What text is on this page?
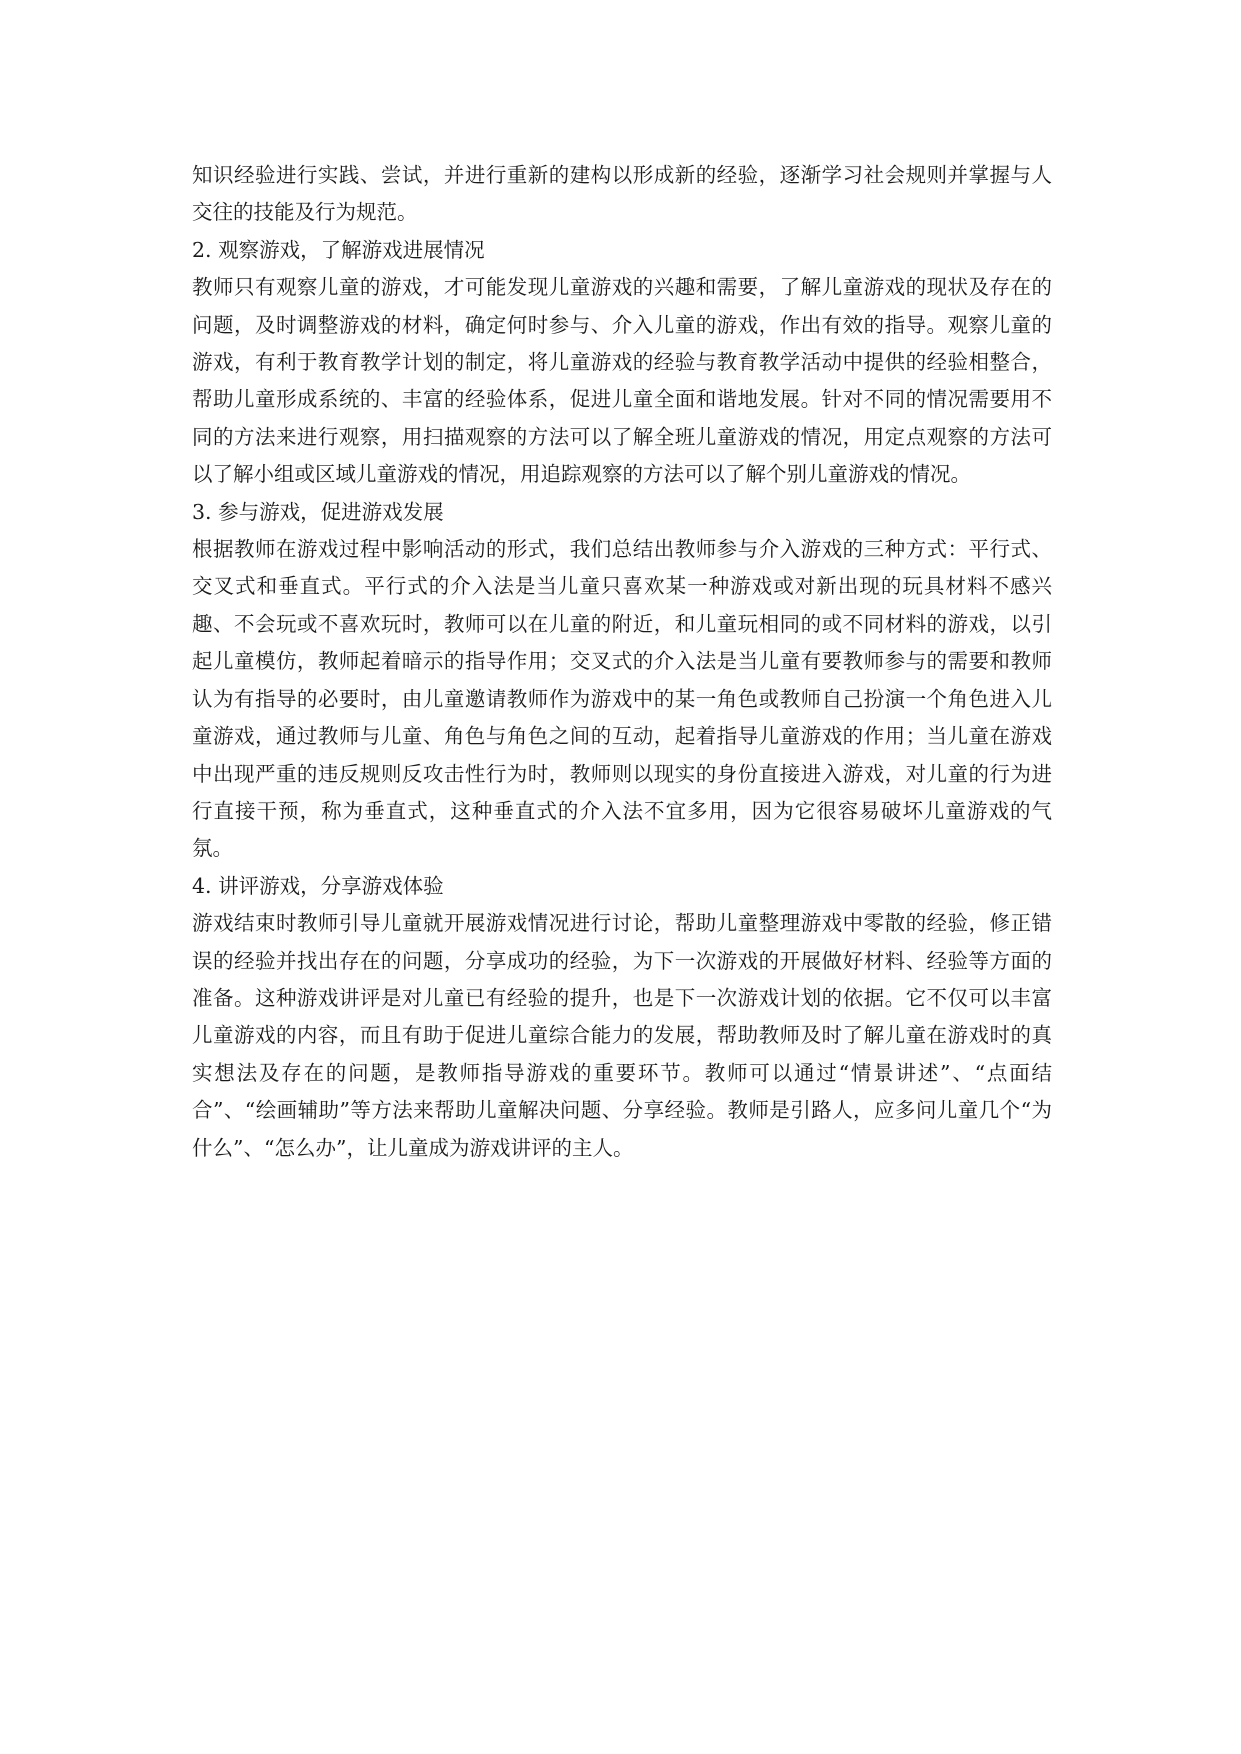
知识经验进行实践、尝试，并进行重新的建构以形成新的经验，逐渐学习社会规则并掌握与人交往的技能及行为规范。

2. 观察游戏，了解游戏进展情况

教师只有观察儿童的游戏，才可能发现儿童游戏的兴趣和需要，了解儿童游戏的现状及存在的问题，及时调整游戏的材料，确定何时参与、介入儿童的游戏，作出有效的指导。观察儿童的游戏，有利于教育教学计划的制定，将儿童游戏的经验与教育教学活动中提供的经验相整合，帮助儿童形成系统的、丰富的经验体系，促进儿童全面和谐地发展。针对不同的情况需要用不同的方法来进行观察，用扫描观察的方法可以了解全班儿童游戏的情况，用定点观察的方法可以了解小组或区域儿童游戏的情况，用追踪观察的方法可以了解个别儿童游戏的情况。

3. 参与游戏，促进游戏发展

根据教师在游戏过程中影响活动的形式，我们总结出教师参与介入游戏的三种方式：平行式、交叉式和垂直式。平行式的介入法是当儿童只喜欢某一种游戏或对新出现的玩具材料不感兴趣、不会玩或不喜欢玩时，教师可以在儿童的附近，和儿童玩相同的或不同材料的游戏，以引起儿童模仿，教师起着暗示的指导作用；交叉式的介入法是当儿童有要教师参与的需要和教师认为有指导的必要时，由儿童邀请教师作为游戏中的某一角色或教师自己扮演一个角色进入儿童游戏，通过教师与儿童、角色与角色之间的互动，起着指导儿童游戏的作用；当儿童在游戏中出现严重的违反规则反攻击性行为时，教师则以现实的身份直接进入游戏，对儿童的行为进行直接干预，称为垂直式，这种垂直式的介入法不宜多用，因为它很容易破坏儿童游戏的气氛。

4. 讲评游戏，分享游戏体验

游戏结束时教师引导儿童就开展游戏情况进行讨论，帮助儿童整理游戏中零散的经验，修正错误的经验并找出存在的问题，分享成功的经验，为下一次游戏的开展做好材料、经验等方面的准备。这种游戏讲评是对儿童已有经验的提升，也是下一次游戏计划的依据。它不仅可以丰富儿童游戏的内容，而且有助于促进儿童综合能力的发展，帮助教师及时了解儿童在游戏时的真实想法及存在的问题，是教师指导游戏的重要环节。教师可以通过“情景讲述”、“点面结合”、“绘画辅助”等方法来帮助儿童解决问题、分享经验。教师是引路人，应多问儿童几个“为什么”、“怎么办”，让儿童成为游戏讲评的主人。
